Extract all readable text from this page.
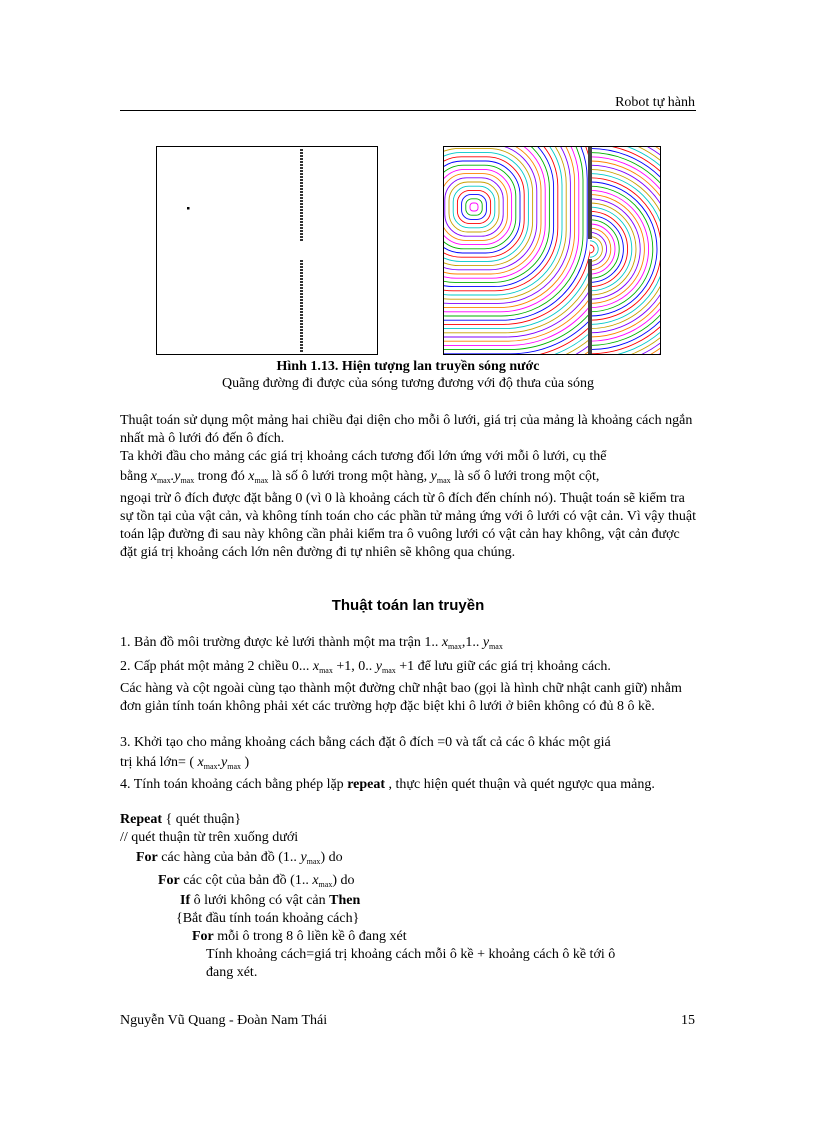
Robot tự hành
Hình 1.13. Hiện tượng lan truyền sóng nước
Quãng đường đi được của sóng tương đương với độ thưa của sóng
Thuật toán sử dụng một mảng hai chiều đại diện cho mỗi ô lưới, giá trị của mảng là khoảng cách ngắn nhất mà ô lưới đó đến ô đích.
Ta khởi đầu cho mảng các giá trị khoảng cách tương đối lớn ứng với mỗi ô lưới, cụ thể
bằng $x_{max}.y_{max}$ trong đó $x_{max}$ là số ô lưới trong một hàng, $y_{max}$ là số ô lưới trong một cột,
ngoại trừ ô đích được đặt bằng 0 (vì 0 là khoảng cách từ ô đích đến chính nó). Thuật toán sẽ kiểm tra sự tồn tại của vật cản, và không tính toán cho các phần tử mảng ứng với ô lưới có vật cản. Vì vậy thuật toán lập đường đi sau này không cần phải kiểm tra ô vuông lưới có vật cản hay không, vật cản được đặt giá trị khoảng cách lớn nên đường đi tự nhiên sẽ không qua chúng.
Thuật toán lan truyền
1. Bản đồ môi trường được kẻ lưới thành một ma trận 1.. $x_{max},1$.. $y_{max}$
2. Cấp phát một mảng 2 chiều 0... $x_{max} +1$, 0.. $y_{max} +1$ để lưu giữ các giá trị khoảng cách.
Các hàng và cột ngoài cùng tạo thành một đường chữ nhật bao (gọi là hình chữ nhật canh giữ) nhằm đơn giản tính toán không phải xét các trường hợp đặc biệt khi ô lưới ở biên không có đủ 8 ô kề.
3. Khởi tạo cho mảng khoảng cách bằng cách đặt ô đích =0 và tất cả các ô khác một giá
trị khá lớn= ( $x_{max}.y_{max}$ )
4. Tính toán khoảng cách bằng phép lặp repeat , thực hiện quét thuận và quét ngược qua mảng.
Repeat { quét thuận}
// quét thuận từ trên xuống dưới
For các hàng của bản đồ (1.. $y_{max}$) do
For các cột của bản đồ (1.. $x_{max}$) do
If ô lưới không có vật cản Then
{Bắt đầu tính toán khoảng cách}
For mỗi ô trong 8 ô liền kề ô đang xét
Tính khoảng cách=giá trị khoảng cách mỗi ô kề + khoảng cách ô kề tới ô
đang xét.
Nguyễn Vũ Quang - Đoàn Nam Thái	15
